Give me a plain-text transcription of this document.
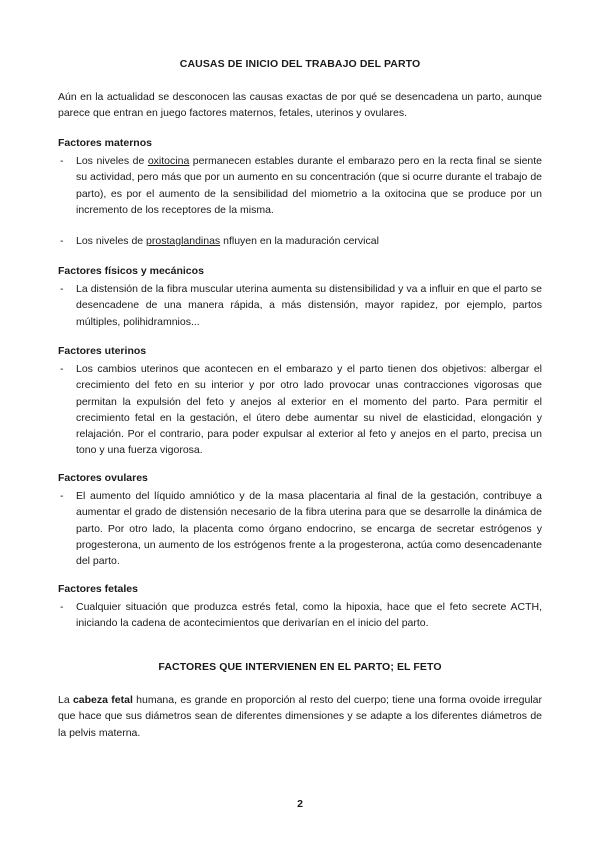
CAUSAS DE INICIO DEL TRABAJO DEL PARTO
Aún en la actualidad se desconocen las causas exactas de por qué se desencadena un parto, aunque parece que entran en juego factores maternos, fetales, uterinos y ovulares.
Factores maternos
- Los niveles de oxitocina permanecen estables durante el embarazo pero en la recta final se siente su actividad, pero más que por un aumento en su concentración (que si ocurre durante el trabajo de parto), es por el aumento de la sensibilidad del miometrio a la oxitocina que se produce por un incremento de los receptores de la misma.
- Los niveles de prostaglandinas nfluyen en la maduración cervical
Factores físicos y mecánicos
- La distensión de la fibra muscular uterina aumenta su distensibilidad y va a influir en que el parto se desencadene de una manera rápida, a más distensión, mayor rapidez, por ejemplo, partos múltiples, polihidramnios...
Factores uterinos
- Los cambios uterinos que acontecen en el embarazo y el parto tienen dos objetivos: albergar el crecimiento del feto en su interior y por otro lado provocar unas contracciones vigorosas que permitan la expulsión del feto y anejos al exterior en el momento del parto. Para permitir el crecimiento fetal en la gestación, el útero debe aumentar su nivel de elasticidad, elongación y relajación. Por el contrario, para poder expulsar al exterior al feto y anejos en el parto, precisa un tono y una fuerza vigorosa.
Factores ovulares
- El aumento del líquido amniótico y de la masa placentaria al final de la gestación, contribuye a aumentar el grado de distensión necesario de la fibra uterina para que se desarrolle la dinámica de parto. Por otro lado, la placenta como órgano endocrino, se encarga de secretar estrógenos y progesterona, un aumento de los estrógenos frente a la progesterona, actúa como desencadenante del parto.
Factores fetales
- Cualquier situación que produzca estrés fetal, como la hipoxia, hace que el feto secrete ACTH, iniciando la cadena de acontecimientos que derivarían en el inicio del parto.
FACTORES QUE INTERVIENEN EN EL PARTO; EL FETO
La cabeza fetal humana, es grande en proporción al resto del cuerpo; tiene una forma ovoide irregular que hace que sus diámetros sean de diferentes dimensiones y se adapte a los diferentes diámetros de la pelvis materna.
2
